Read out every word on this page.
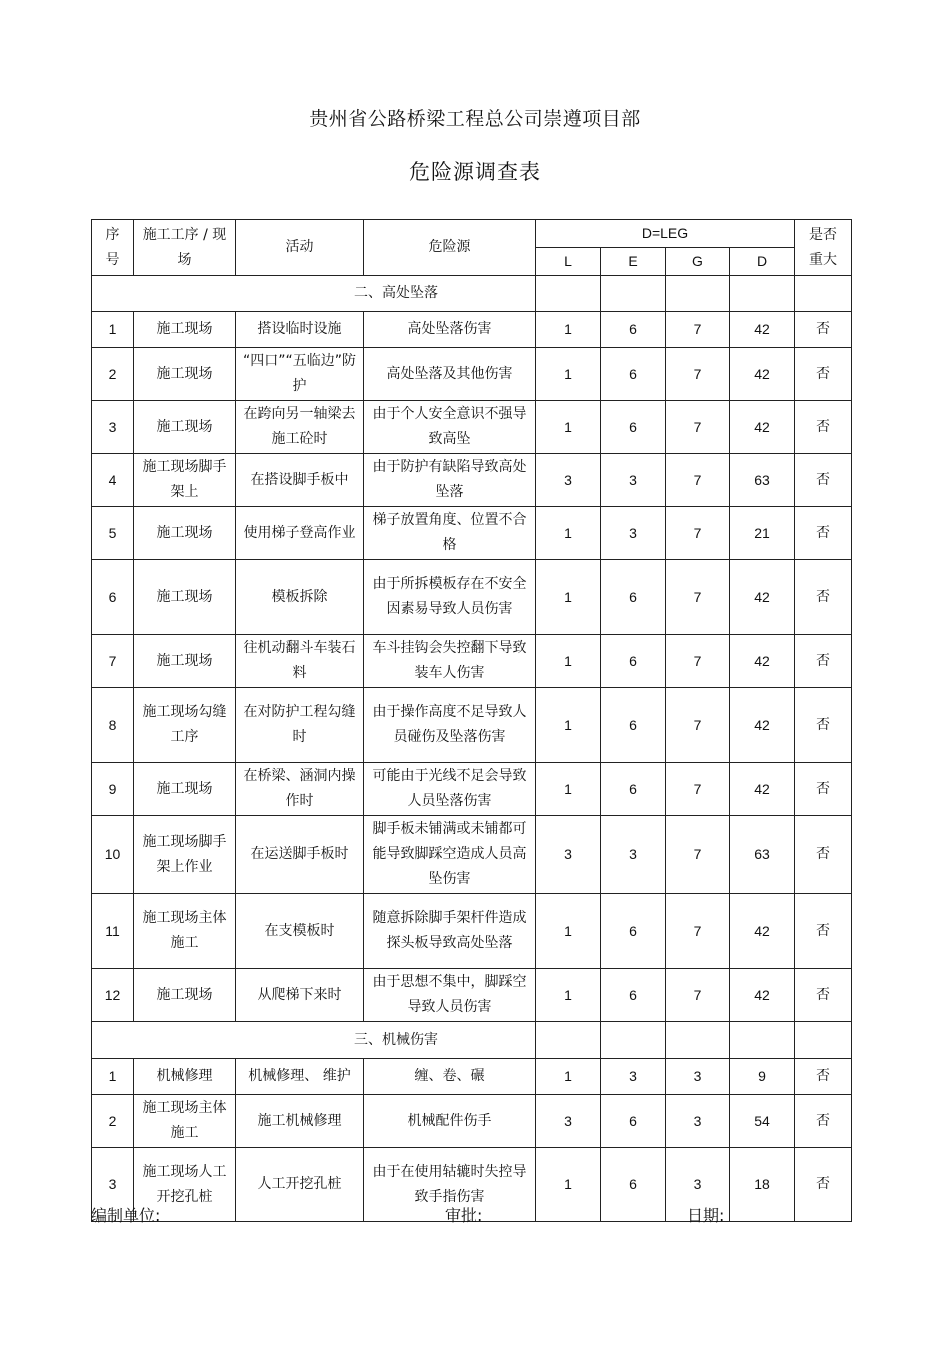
贵州省公路桥梁工程总公司崇遵项目部
危险源调查表
序号	施工工序 / 现场	活动	危险源	D=LEG				是否重大
				L	E	G	D	
二、高处坠落								
1	施工现场	搭设临时设施	高处坠落伤害	1	6	7	42	否
2	施工现场	“四口”“五临边”防护	高处坠落及其他伤害	1	6	7	42	否
3	施工现场	在跨向另一轴梁去施工砼时	由于个人安全意识不强导致高坠	1	6	7	42	否
4	施工现场脚手架上	在搭设脚手板中	由于防护有缺陷导致高处坠落	3	3	7	63	否
5	施工现场	使用梯子登高作业	梯子放置角度、位置不合格	1	3	7	21	否
6	施工现场	模板拆除	由于所拆模板存在不安全因素易导致人员伤害	1	6	7	42	否
7	施工现场	往机动翻斗车装石料	车斗挂钩会失控翻下导致装车人伤害	1	6	7	42	否
8	施工现场勾缝工序	在对防护工程勾缝时	由于操作高度不足导致人员碰伤及坠落伤害	1	6	7	42	否
9	施工现场	在桥梁、涵洞内操作时	可能由于光线不足会导致人员坠落伤害	1	6	7	42	否
10	施工现场脚手架上作业	在运送脚手板时	脚手板未铺满或未铺都可能导致脚踩空造成人员高坠伤害	3	3	7	63	否
11	施工现场主体施工	在支模板时	随意拆除脚手架杆件造成探头板导致高处坠落	1	6	7	42	否
12	施工现场	从爬梯下来时	由于思想不集中，脚踩空导致人员伤害	1	6	7	42	否
三、机械伤害								
1	机械修理	机械修理、 维护	缠、卷、碾	1	3	3	9	否
2	施工现场主体施工	施工机械修理	机械配件伤手	3	6	3	54	否
3	施工现场人工开挖孔桩	人工开挖孔桩	由于在使用轱辘时失控导致手指伤害	1	6	3	18	否
编制单位:	审批:	日期:
